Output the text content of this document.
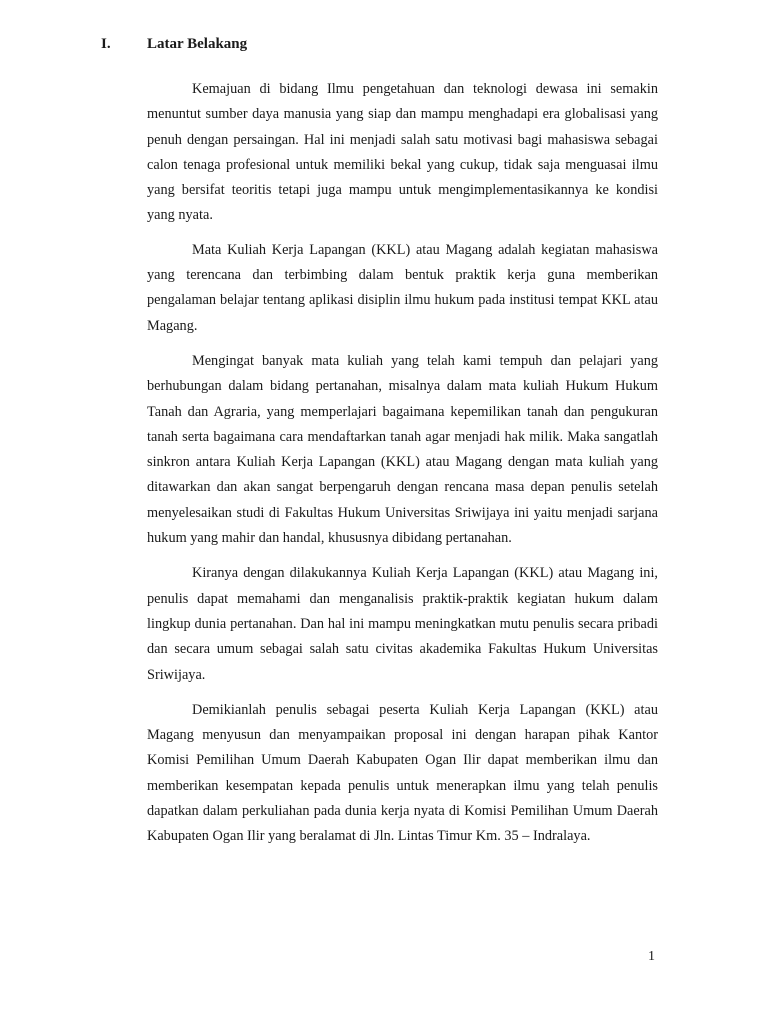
I. Latar Belakang

Kemajuan di bidang Ilmu pengetahuan dan teknologi dewasa ini semakin menuntut sumber daya manusia yang siap dan mampu menghadapi era globalisasi yang penuh dengan persaingan. Hal ini menjadi salah satu motivasi bagi mahasiswa sebagai calon tenaga profesional untuk memiliki bekal yang cukup, tidak saja menguasai ilmu yang bersifat teoritis tetapi juga mampu untuk mengimplementasikannya ke kondisi yang nyata.

Mata Kuliah Kerja Lapangan (KKL) atau Magang adalah kegiatan mahasiswa yang terencana dan terbimbing dalam bentuk praktik kerja guna memberikan pengalaman belajar tentang aplikasi disiplin ilmu hukum pada institusi tempat KKL atau Magang.

Mengingat banyak mata kuliah yang telah kami tempuh dan pelajari yang berhubungan dalam bidang pertanahan, misalnya dalam mata kuliah Hukum Hukum Tanah dan Agraria, yang memperlajari bagaimana kepemilikan tanah dan pengukuran tanah serta bagaimana cara mendaftarkan tanah agar menjadi hak milik. Maka sangatlah sinkron antara Kuliah Kerja Lapangan (KKL) atau Magang dengan mata kuliah yang ditawarkan dan akan sangat berpengaruh dengan rencana masa depan penulis setelah menyelesaikan studi di Fakultas Hukum Universitas Sriwijaya ini yaitu menjadi sarjana hukum yang mahir dan handal, khususnya dibidang pertanahan.

Kiranya dengan dilakukannya Kuliah Kerja Lapangan (KKL) atau Magang ini, penulis dapat memahami dan menganalisis praktik-praktik kegiatan hukum dalam lingkup dunia pertanahan. Dan hal ini mampu meningkatkan mutu penulis secara pribadi dan secara umum sebagai salah satu civitas akademika Fakultas Hukum Universitas Sriwijaya.

Demikianlah penulis sebagai peserta Kuliah Kerja Lapangan (KKL) atau Magang menyusun dan menyampaikan proposal ini dengan harapan pihak Kantor Komisi Pemilihan Umum Daerah Kabupaten Ogan Ilir dapat memberikan ilmu dan memberikan kesempatan kepada penulis untuk menerapkan ilmu yang telah penulis dapatkan dalam perkuliahan pada dunia kerja nyata di Komisi Pemilihan Umum Daerah Kabupaten Ogan Ilir yang beralamat di Jln. Lintas Timur Km. 35 – Indralaya.

1
